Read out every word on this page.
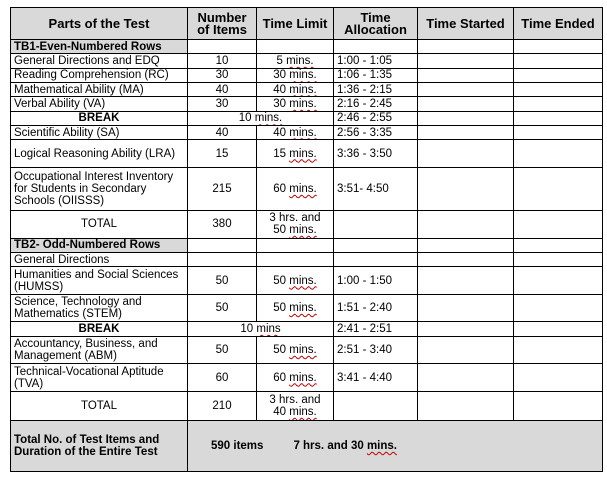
Parts of the Test	Number of Items	Time Limit	Time Allocation	Time Started	Time Ended
TB1-Even-Numbered Rows					
General Directions and EDQ	10	5 mins.	1:00 - 1:05		
Reading Comprehension (RC)	30	30 mins.	1:06 - 1:35		
Mathematical Ability (MA)	40	40 mins.	1:36 - 2:15		
Verbal Ability (VA)	30	30 mins.	2:16 - 2:45		
BREAK	10 mins.		2:46 - 2:55		
Scientific Ability (SA)	40	40 mins.	2:56 - 3:35		
Logical Reasoning Ability (LRA)	15	15 mins.	3:36 - 3:50		
Occupational Interest Inventory for Students in Secondary Schools (OIISSS)	215	60 mins.	3:51- 4:50		
TOTAL	380	3 hrs. and
50 mins.			

TB2- Odd-Numbered Rows					
General Directions					
Humanities and Social Sciences (HUMSS)	50	50 mins.	1:00 - 1:50		
Science, Technology and Mathematics (STEM)	50	50 mins.	1:51 - 2:40		
BREAK	10 mins		2:41 - 2:51		
Accountancy, Business, and Management (ABM)	50	50 mins.	2:51 - 3:40		
Technical-Vocational Aptitude (TVA)	60	60 mins.	3:41 - 4:40		
TOTAL	210	3 hrs. and
40 mins.			

Total No. of Test Items and Duration of the Entire Test	590 items 7 hrs. and 30 mins.				
